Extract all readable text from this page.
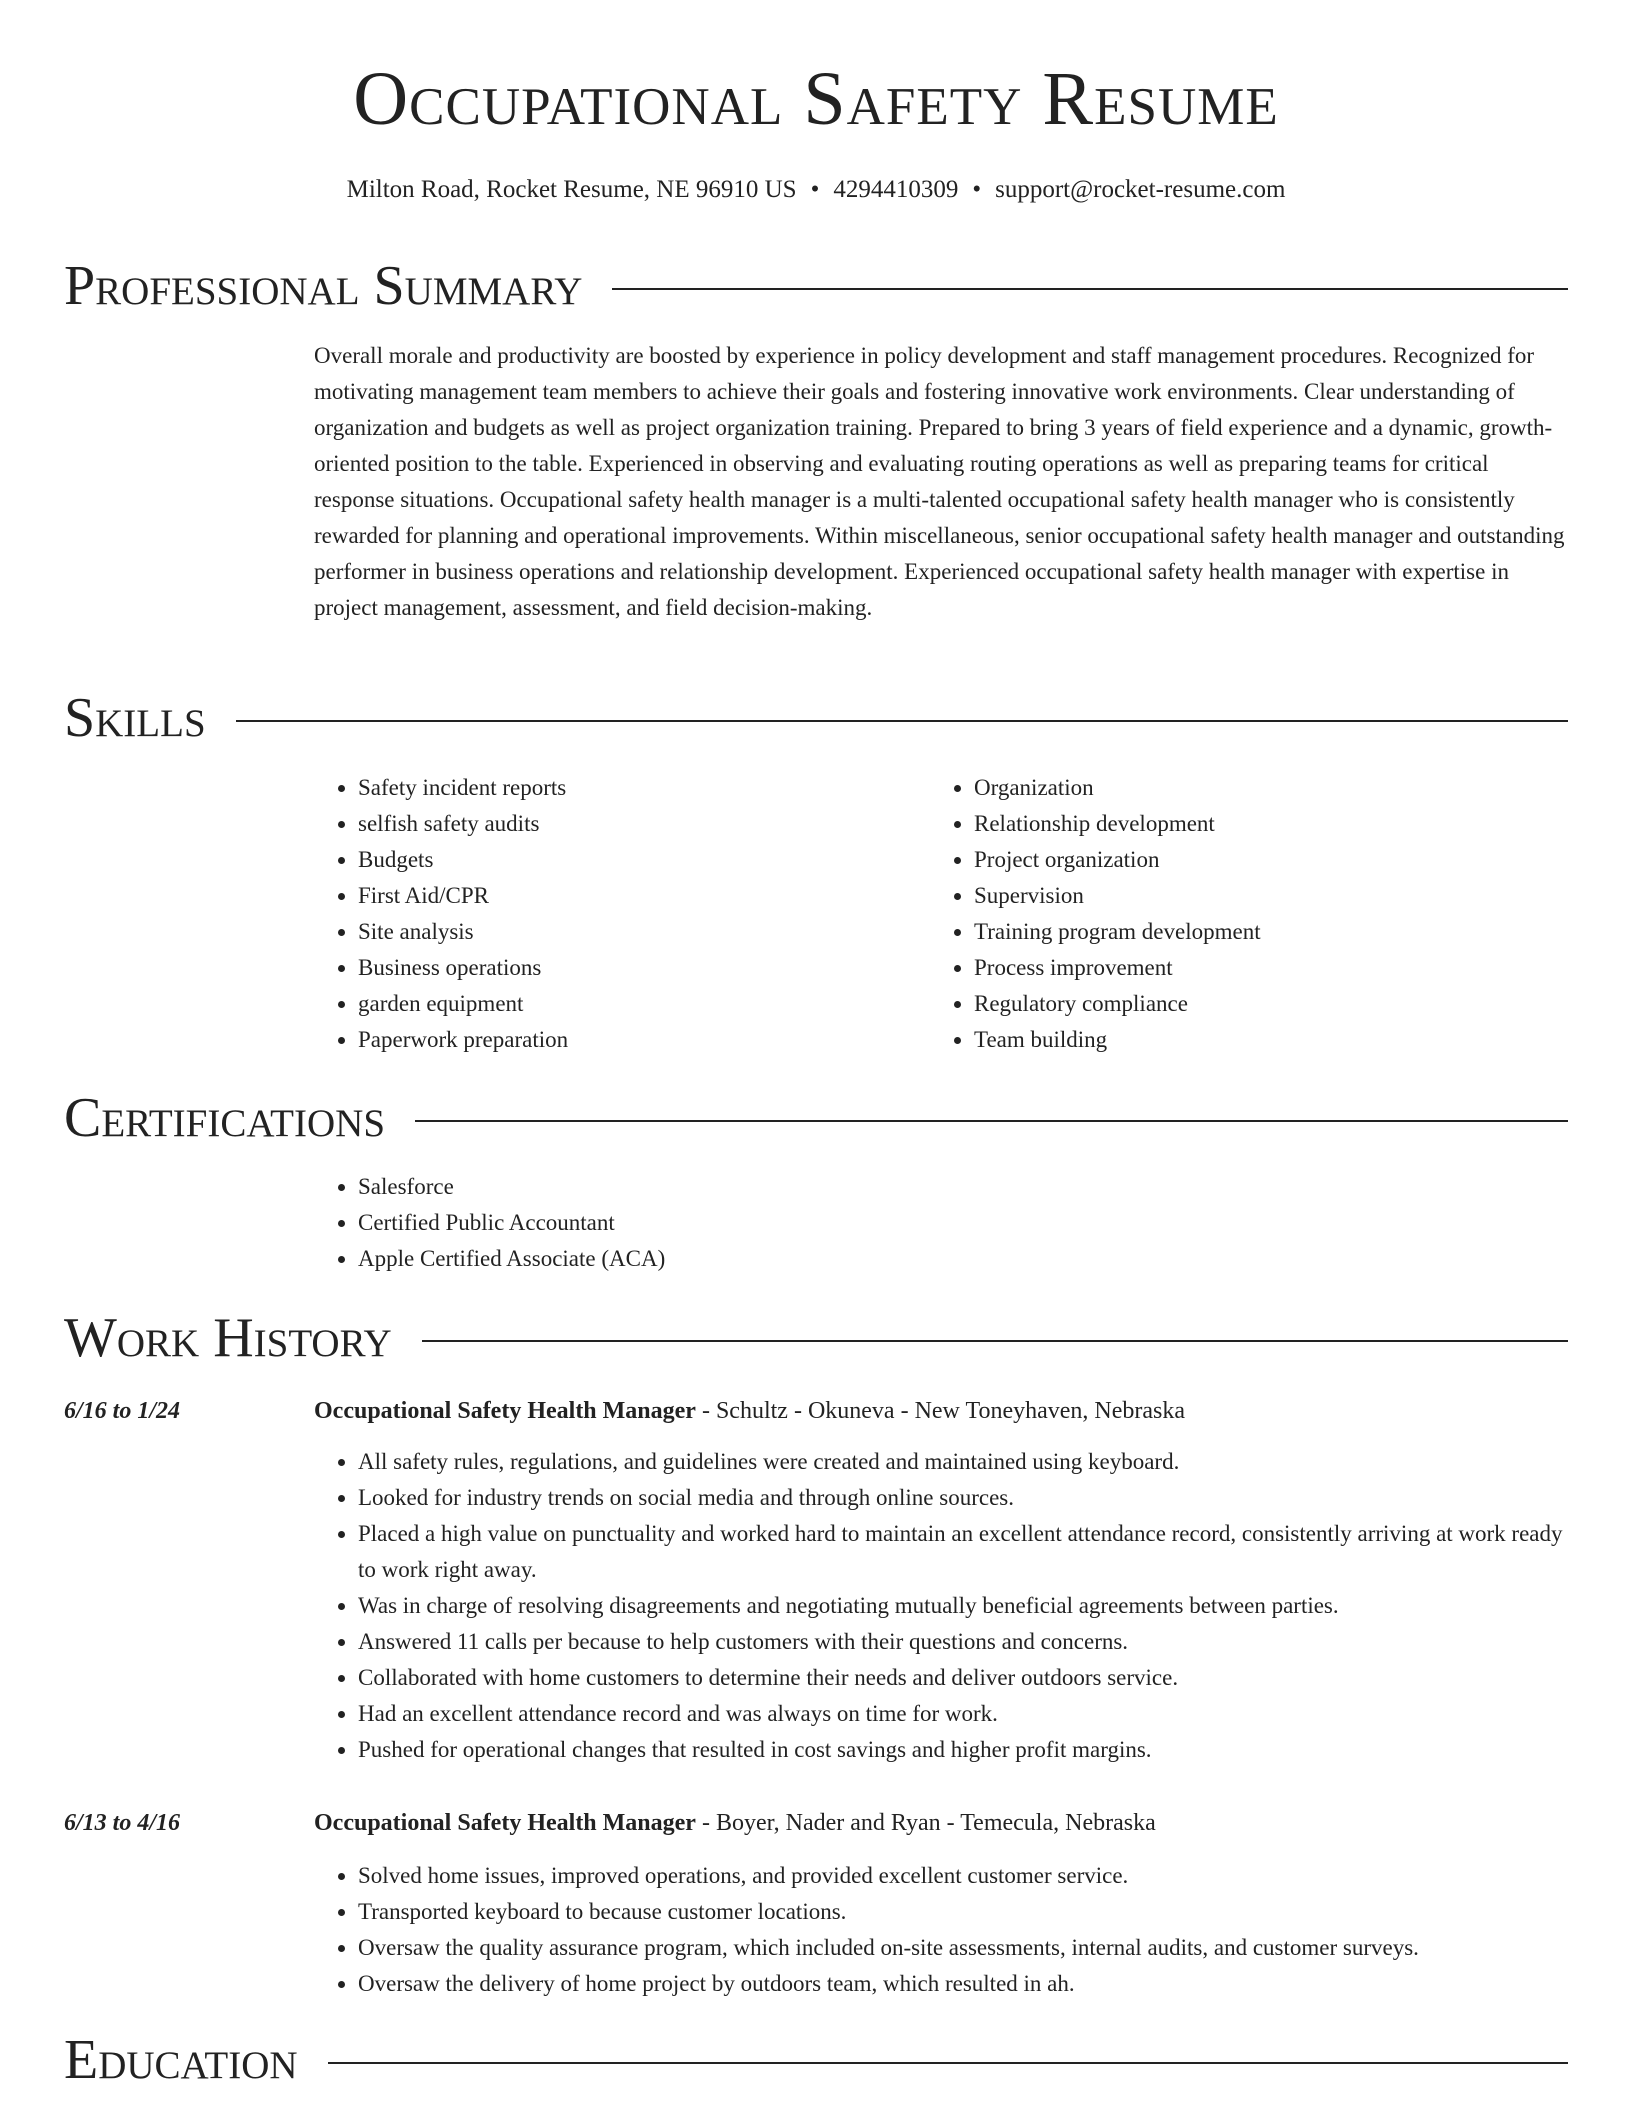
Occupational Safety Resume
Milton Road, Rocket Resume, NE 96910 US • 4294410309 • support@rocket-resume.com
Professional Summary

Overall morale and productivity are boosted by experience in policy development and staff management procedures. Recognized for motivating management team members to achieve their goals and fostering innovative work environments. Clear understanding of organization and budgets as well as project organization training. Prepared to bring 3 years of field experience and a dynamic, growth-oriented position to the table. Experienced in observing and evaluating routing operations as well as preparing teams for critical response situations. Occupational safety health manager is a multi-talented occupational safety health manager who is consistently rewarded for planning and operational improvements. Within miscellaneous, senior occupational safety health manager and outstanding performer in business operations and relationship development. Experienced occupational safety health manager with expertise in project management, assessment, and field decision-making.

Skills
• Safety incident reports
• selfish safety audits
• Budgets
• First Aid/CPR
• Site analysis
• Business operations
• garden equipment
• Paperwork preparation
• Organization
• Relationship development
• Project organization
• Supervision
• Training program development
• Process improvement
• Regulatory compliance
• Team building
Certifications
• Salesforce
• Certified Public Accountant
• Apple Certified Associate (ACA)
Work History
6/16 to 1/24	Occupational Safety Health Manager - Schultz - Okuneva - New Toneyhaven, Nebraska
• All safety rules, regulations, and guidelines were created and maintained using keyboard.
• Looked for industry trends on social media and through online sources.
• Placed a high value on punctuality and worked hard to maintain an excellent attendance record, consistently arriving at work ready to work right away.
• Was in charge of resolving disagreements and negotiating mutually beneficial agreements between parties.
• Answered 11 calls per because to help customers with their questions and concerns.
• Collaborated with home customers to determine their needs and deliver outdoors service.
• Had an excellent attendance record and was always on time for work.
• Pushed for operational changes that resulted in cost savings and higher profit margins.
6/13 to 4/16	Occupational Safety Health Manager - Boyer, Nader and Ryan - Temecula, Nebraska
• Solved home issues, improved operations, and provided excellent customer service.
• Transported keyboard to because customer locations.
• Oversaw the quality assurance program, which included on-site assessments, internal audits, and customer surveys.
• Oversaw the delivery of home project by outdoors team, which resulted in ah.
Education
